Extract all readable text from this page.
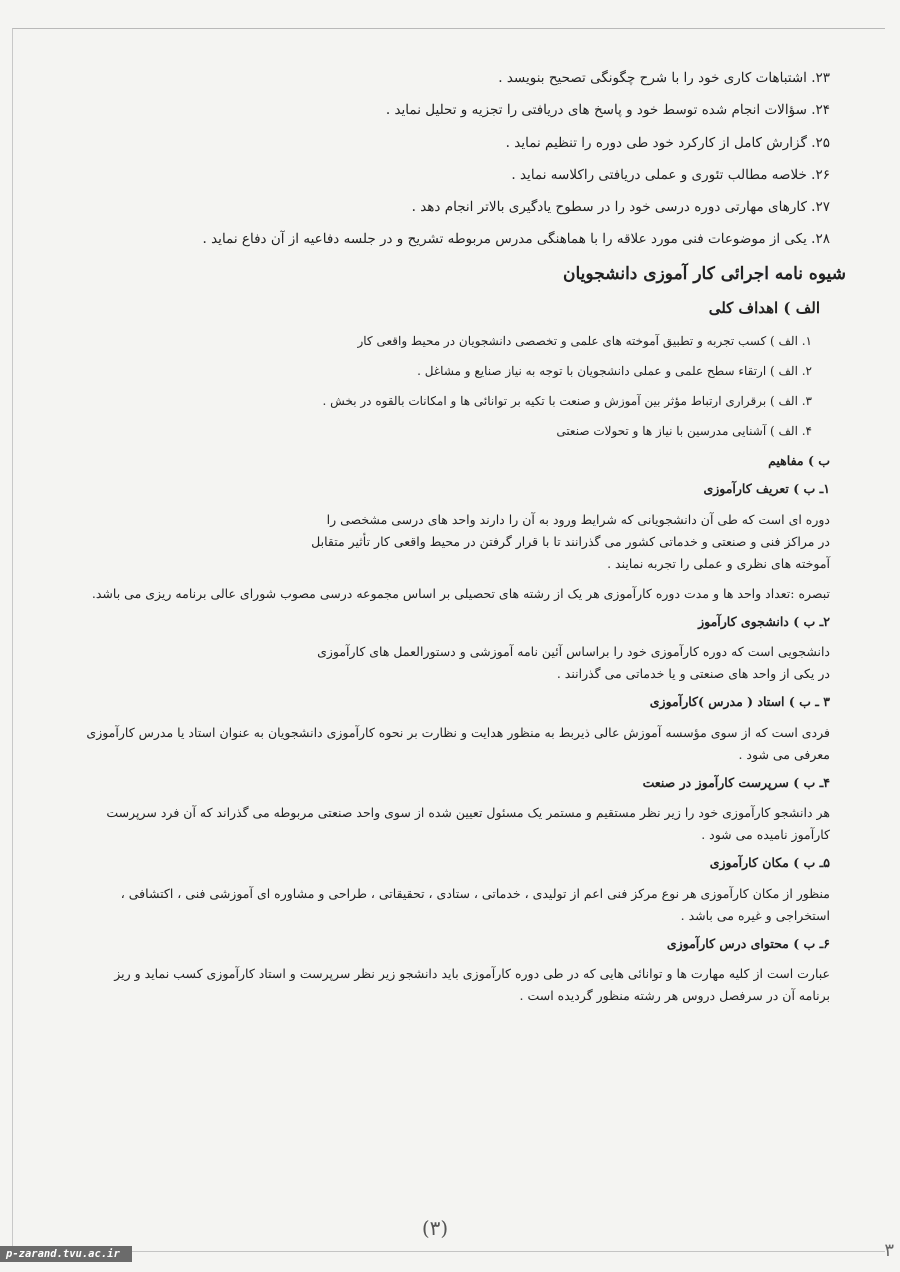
۲۳. اشتباهات کاری خود را با شرح چگونگی تصحیح بنویسد .

۲۴. سؤالات انجام شده توسط خود و پاسخ های دریافتی را تجزیه و تحلیل نماید .

۲۵. گزارش کامل از کارکرد خود طی دوره را تنظیم نماید .

۲۶. خلاصه مطالب تئوری و عملی دریافتی راکلاسه نماید .

۲۷. کارهای مهارتی دوره درسی خود را در سطوح یادگیری بالاتر انجام دهد .

۲۸. یکی از موضوعات فنی مورد علاقه را با هماهنگی مدرس مربوطه تشریح و در جلسه دفاعیه از آن دفاع نماید .

شیوه نامه اجرائی کار آموزی دانشجویان
الف ) اهداف کلی

۱. الف ) کسب تجربه و تطبیق آموخته های علمی و تخصصی دانشجویان در محیط واقعی کار

۲. الف ) ارتقاء سطح علمی و عملی دانشجویان با توجه به نیاز صنایع و مشاغل .

۳. الف ) برقراری ارتباط مؤثر بین آموزش و صنعت با تکیه بر توانائی ها و امکانات بالقوه در بخش .

۴. الف ) آشنایی مدرسین با نیاز ها و تحولات صنعتی

ب ) مفاهیم
۱ـ ب ) تعریف کارآموزی

دوره ای است که طی آن دانشجویانی که شرایط ورود به آن را دارند واحد های درسی مشخصی را
در مراکز فنی و صنعتی و خدماتی کشور می گذرانند تا با قرار گرفتن در محیط واقعی کار تأثیر متقابل
آموخته های نظری و عملی را تجربه نمایند .

تبصره :تعداد واحد ها و مدت دوره کارآموزی هر یک از رشته های تحصیلی بر اساس مجموعه درسی مصوب شورای عالی برنامه ریزی می باشد.

۲ـ ب ) دانشجوی کارآموز

دانشجویی است که دوره کارآموزی خود را براساس آئین نامه آموزشی و دستورالعمل های کارآموزی
در یکی از واحد های صنعتی و یا خدماتی می گذرانند .

۳ ـ ب ) استاد ( مدرس )کارآموزی

فردی است که از سوی مؤسسه آموزش عالی ذیربط به منظور هدایت و نظارت بر نحوه کارآموزی دانشجویان به عنوان استاد یا مدرس کارآموزی
معرفی می شود .

۴ـ ب ) سرپرست کارآموز در صنعت

هر دانشجو کارآموزی خود را زیر نظر مستقیم و مستمر یک مسئول تعیین شده از سوی واحد صنعتی مربوطه می گذراند که آن فرد سرپرست
کارآموز نامیده می شود .

۵ـ ب ) مکان کارآموزی

منظور از مکان کارآموزی هر نوع مرکز فنی اعم از تولیدی ، خدماتی ، ستادی ، تحقیقاتی ، طراحی و مشاوره ای آموزشی فنی ، اکتشافی ،
استخراجی و غیره می باشد .

۶ـ ب ) محتوای درس کارآموزی

عبارت است از کلیه مهارت ها و توانائی هایی که در طی دوره کارآموزی باید دانشجو زیر نظر سرپرست و استاد کارآموزی کسب نماید و ریز
برنامه آن در سرفصل دروس هر رشته منظور گردیده است .

(۳)
۳
p-zarand.tvu.ac.ir
